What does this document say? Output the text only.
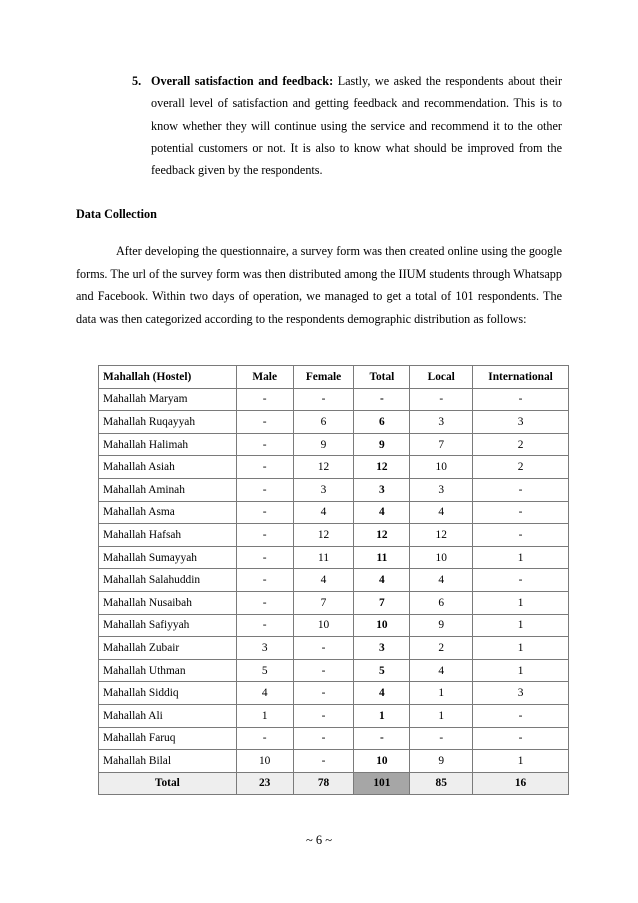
5. Overall satisfaction and feedback: Lastly, we asked the respondents about their overall level of satisfaction and getting feedback and recommendation. This is to know whether they will continue using the service and recommend it to the other potential customers or not. It is also to know what should be improved from the feedback given by the respondents.
Data Collection
After developing the questionnaire, a survey form was then created online using the google forms. The url of the survey form was then distributed among the IIUM students through Whatsapp and Facebook. Within two days of operation, we managed to get a total of 101 respondents. The data was then categorized according to the respondents demographic distribution as follows:
Mahallah (Hostel)	Male	Female	Total	Local	International
Mahallah Maryam	-	-	-	-	-
Mahallah Ruqayyah	-	6	6	3	3
Mahallah Halimah	-	9	9	7	2
Mahallah Asiah	-	12	12	10	2
Mahallah Aminah	-	3	3	3	-
Mahallah Asma	-	4	4	4	-
Mahallah Hafsah	-	12	12	12	-
Mahallah Sumayyah	-	11	11	10	1
Mahallah Salahuddin	-	4	4	4	-
Mahallah Nusaibah	-	7	7	6	1
Mahallah Safiyyah	-	10	10	9	1
Mahallah Zubair	3	-	3	2	1
Mahallah Uthman	5	-	5	4	1
Mahallah Siddiq	4	-	4	1	3
Mahallah Ali	1	-	1	1	-
Mahallah Faruq	-	-	-	-	-
Mahallah Bilal	10	-	10	9	1
Total	23	78	101	85	16
~ 6 ~
